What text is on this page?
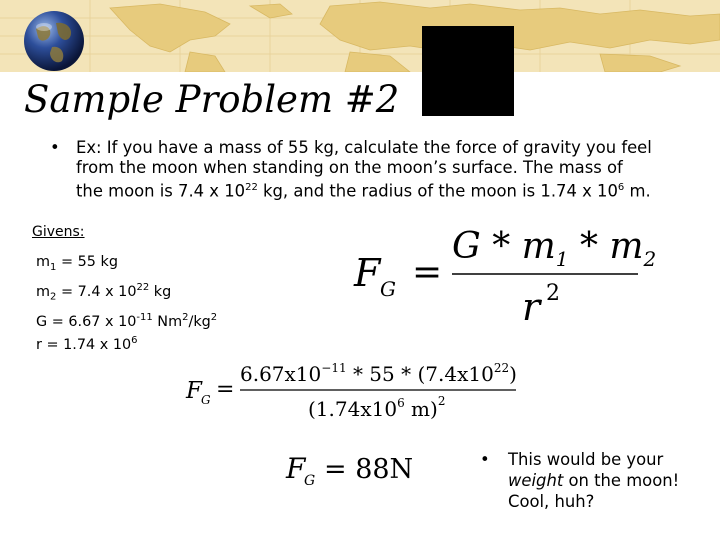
Sample Problem #2
• Ex: If you have a mass of 55 kg, calculate the force of gravity you feel from the moon when standing on the moon’s surface. The mass of the moon is 7.4 x $10^{22}$ kg, and the radius of the moon is 1.74 x $10^6$ m.
Givens:
$m_1 = 55$ kg
$m_2 = 7.4$ x $10^{22}$ kg
G = 6.67 x $10^{-11}$ $Nm^2/kg^2$
r = 1.74 x $10^6$
F G =
G * $m_1 * m_2$
r 2
F G =
$6.67x10^{-11} * 55 * (7.4x10^{22})$
($1.74x10^6$ m)$^2$
F
G = 88N	•	This would be your weight on the moon! Cool, huh?
